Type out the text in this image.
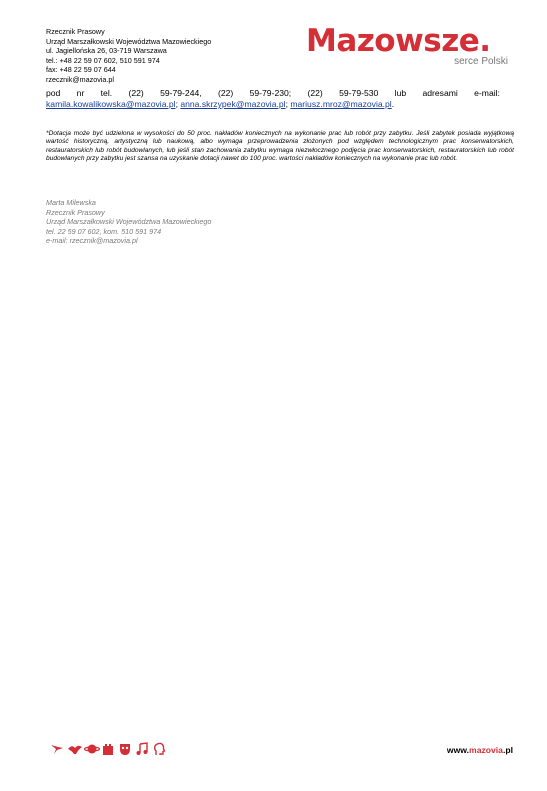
Rzecznik Prasowy
Urząd Marszałkowski Województwa Mazowieckiego
ul. Jagiellońska 26, 03-719 Warszawa
tel.: +48 22 59 07 602, 510 591 974
fax: +48 22 59 07 644
rzecznik@mazovia.pl
Mazowsze.
serce Polski
pod nr tel. (22) 59-79-244, (22) 59-79-230; (22) 59-79-530 lub adresami e-mail:
kamila.kowalikowska@mazovia.pl; anna.skrzypek@mazovia.pl; mariusz.mroz@mazovia.pl.
*Dotacja może być udzielona w wysokości do 50 proc. nakładów koniecznych na wykonanie prac lub robót przy zabytku. Jeśli zabytek posiada wyjątkową wartość historyczną, artystyczną lub naukową, albo wymaga przeprowadzenia złożonych pod względem technologicznym prac konserwatorskich, restauratorskich lub robót budowlanych, lub jeśli stan zachowania zabytku wymaga niezwłocznego podjęcia prac konserwatorskich, restauratorskich lub robót budowlanych przy zabytku jest szansa na uzyskanie dotacji nawet do 100 proc. wartości nakładów koniecznych na wykonanie prac lub robót.
Marta Milewska
Rzecznik Prasowy
Urząd Marszałkowski Województwa Mazowieckiego
tel. 22 59 07 602, kom. 510 591 974
e-mail: rzecznik@mazovia.pl
www.mazovia.pl
